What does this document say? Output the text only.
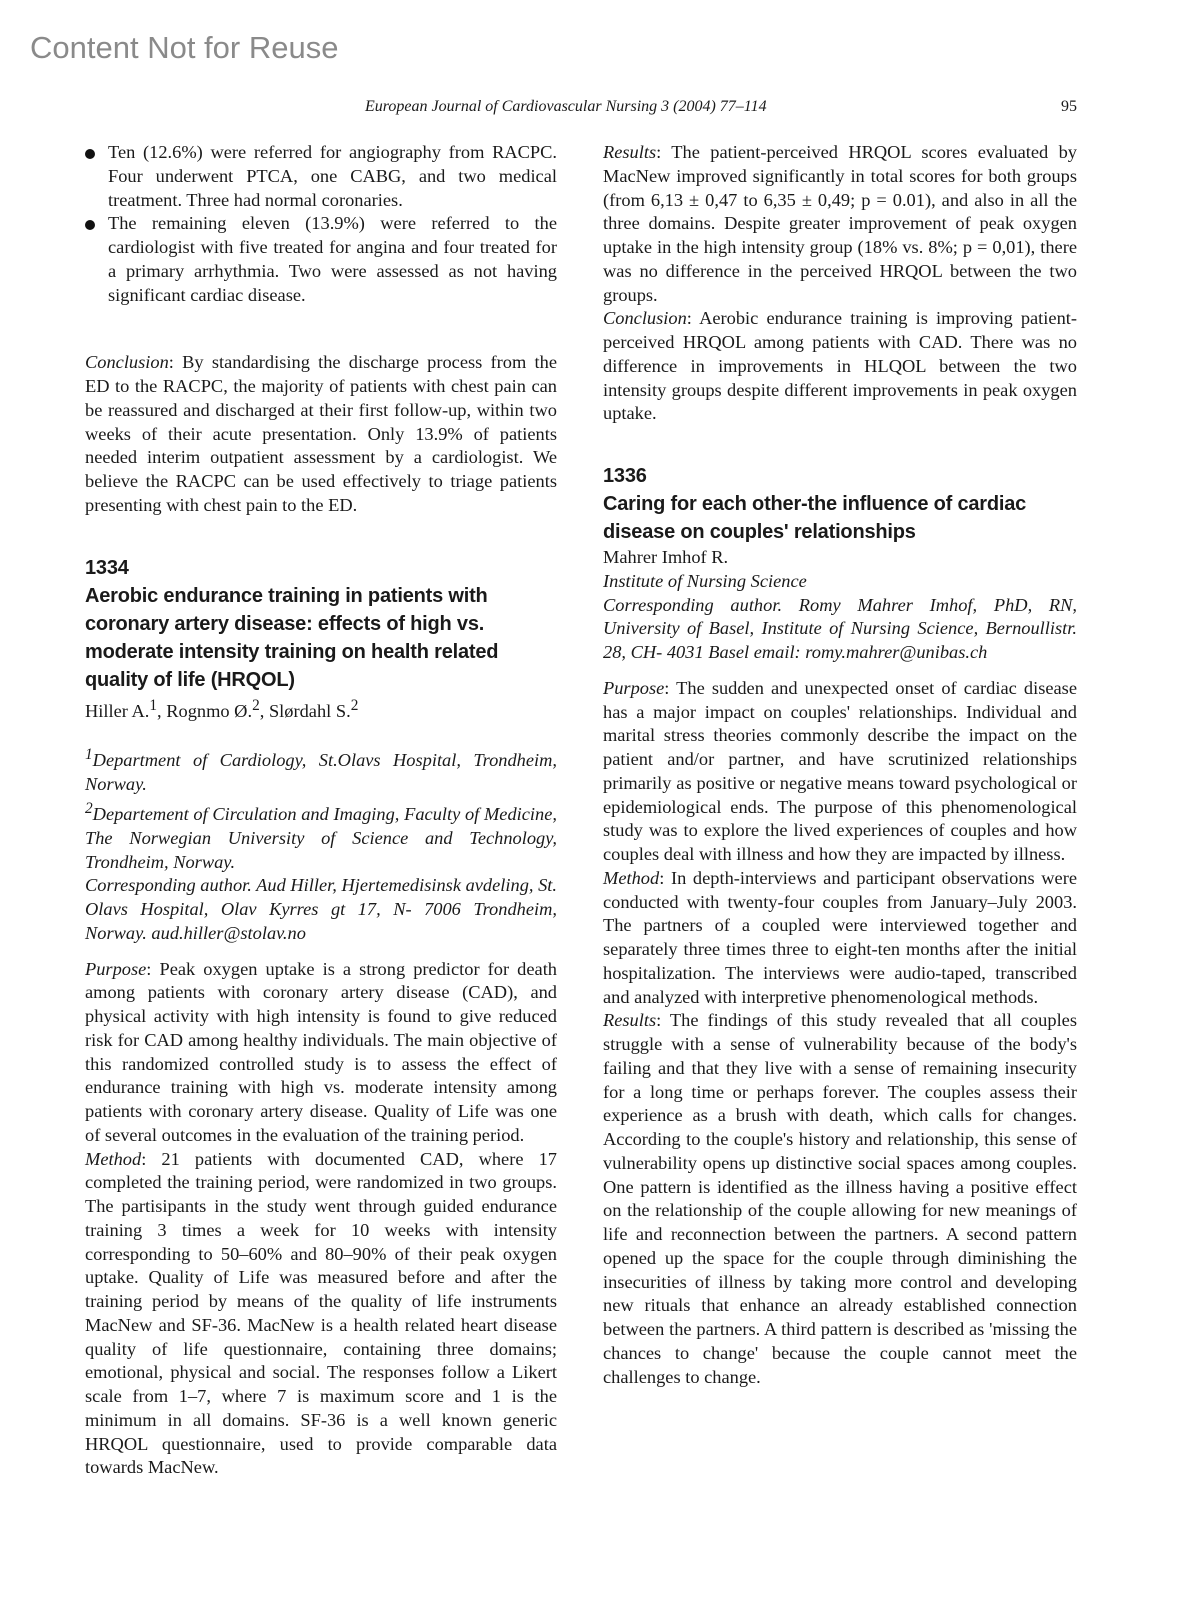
Content Not for Reuse
European Journal of Cardiovascular Nursing 3 (2004) 77–114	95
Ten (12.6%) were referred for angiography from RACPC. Four underwent PTCA, one CABG, and two medical treatment. Three had normal coronaries.
The remaining eleven (13.9%) were referred to the cardiologist with five treated for angina and four treated for a primary arrhythmia. Two were assessed as not having significant cardiac disease.

Conclusion: By standardising the discharge process from the ED to the RACPC, the majority of patients with chest pain can be reassured and discharged at their first follow-up, within two weeks of their acute presentation. Only 13.9% of patients needed interim outpatient assessment by a cardiologist. We believe the RACPC can be used effectively to triage patients presenting with chest pain to the ED.

1334
Aerobic endurance training in patients with coronary artery disease: effects of high vs. moderate intensity training on health related quality of life (HRQOL)

Hiller A.$^1$, Rognmo Ø.$^2$, Slørdahl S.$^2$

$^1$Department of Cardiology, St.Olavs Hospital, Trondheim, Norway.

$^2$Departement of Circulation and Imaging, Faculty of Medicine, The Norwegian University of Science and Technology, Trondheim, Norway.

Corresponding author. Aud Hiller, Hjertemedisinsk avdeling, St. Olavs Hospital, Olav Kyrres gt 17, N- 7006 Trondheim, Norway. aud.hiller@stolav.no

Purpose: Peak oxygen uptake is a strong predictor for death among patients with coronary artery disease (CAD), and physical activity with high intensity is found to give reduced risk for CAD among healthy individuals. The main objective of this randomized controlled study is to assess the effect of endurance training with high vs. moderate intensity among patients with coronary artery disease. Quality of Life was one of several outcomes in the evaluation of the training period.

Method: 21 patients with documented CAD, where 17 completed the training period, were randomized in two groups. The partisipants in the study went through guided endurance training 3 times a week for 10 weeks with intensity corresponding to 50–60% and 80–90% of their peak oxygen uptake. Quality of Life was measured before and after the training period by means of the quality of life instruments MacNew and SF-36. MacNew is a health related heart disease quality of life questionnaire, containing three domains; emotional, physical and social. The responses follow a Likert scale from 1–7, where 7 is maximum score and 1 is the minimum in all domains. SF-36 is a well known generic HRQOL questionnaire, used to provide comparable data towards MacNew.

Results: The patient-perceived HRQOL scores evaluated by MacNew improved significantly in total scores for both groups (from 6,13 ± 0,47 to 6,35 ± 0,49; p = 0.01), and also in all the three domains. Despite greater improvement of peak oxygen uptake in the high intensity group (18% vs. 8%; p = 0,01), there was no difference in the perceived HRQOL between the two groups.

Conclusion: Aerobic endurance training is improving patient-perceived HRQOL among patients with CAD. There was no difference in improvements in HLQOL between the two intensity groups despite different improvements in peak oxygen uptake.

1336
Caring for each other-the influence of cardiac disease on couples' relationships

Mahrer Imhof R.

Institute of Nursing Science

Corresponding author. Romy Mahrer Imhof, PhD, RN, University of Basel, Institute of Nursing Science, Bernoullistr. 28, CH- 4031 Basel email: romy.mahrer@unibas.ch

Purpose: The sudden and unexpected onset of cardiac disease has a major impact on couples' relationships. Individual and marital stress theories commonly describe the impact on the patient and/or partner, and have scrutinized relationships primarily as positive or negative means toward psychological or epidemiological ends. The purpose of this phenomenological study was to explore the lived experiences of couples and how couples deal with illness and how they are impacted by illness.

Method: In depth-interviews and participant observations were conducted with twenty-four couples from January–July 2003. The partners of a coupled were interviewed together and separately three times three to eight-ten months after the initial hospitalization. The interviews were audio-taped, transcribed and analyzed with interpretive phenomenological methods.

Results: The findings of this study revealed that all couples struggle with a sense of vulnerability because of the body's failing and that they live with a sense of remaining insecurity for a long time or perhaps forever. The couples assess their experience as a brush with death, which calls for changes. According to the couple's history and relationship, this sense of vulnerability opens up distinctive social spaces among couples. One pattern is identified as the illness having a positive effect on the relationship of the couple allowing for new meanings of life and reconnection between the partners. A second pattern opened up the space for the couple through diminishing the insecurities of illness by taking more control and developing new rituals that enhance an already established connection between the partners. A third pattern is described as 'missing the chances to change' because the couple cannot meet the challenges to change.
